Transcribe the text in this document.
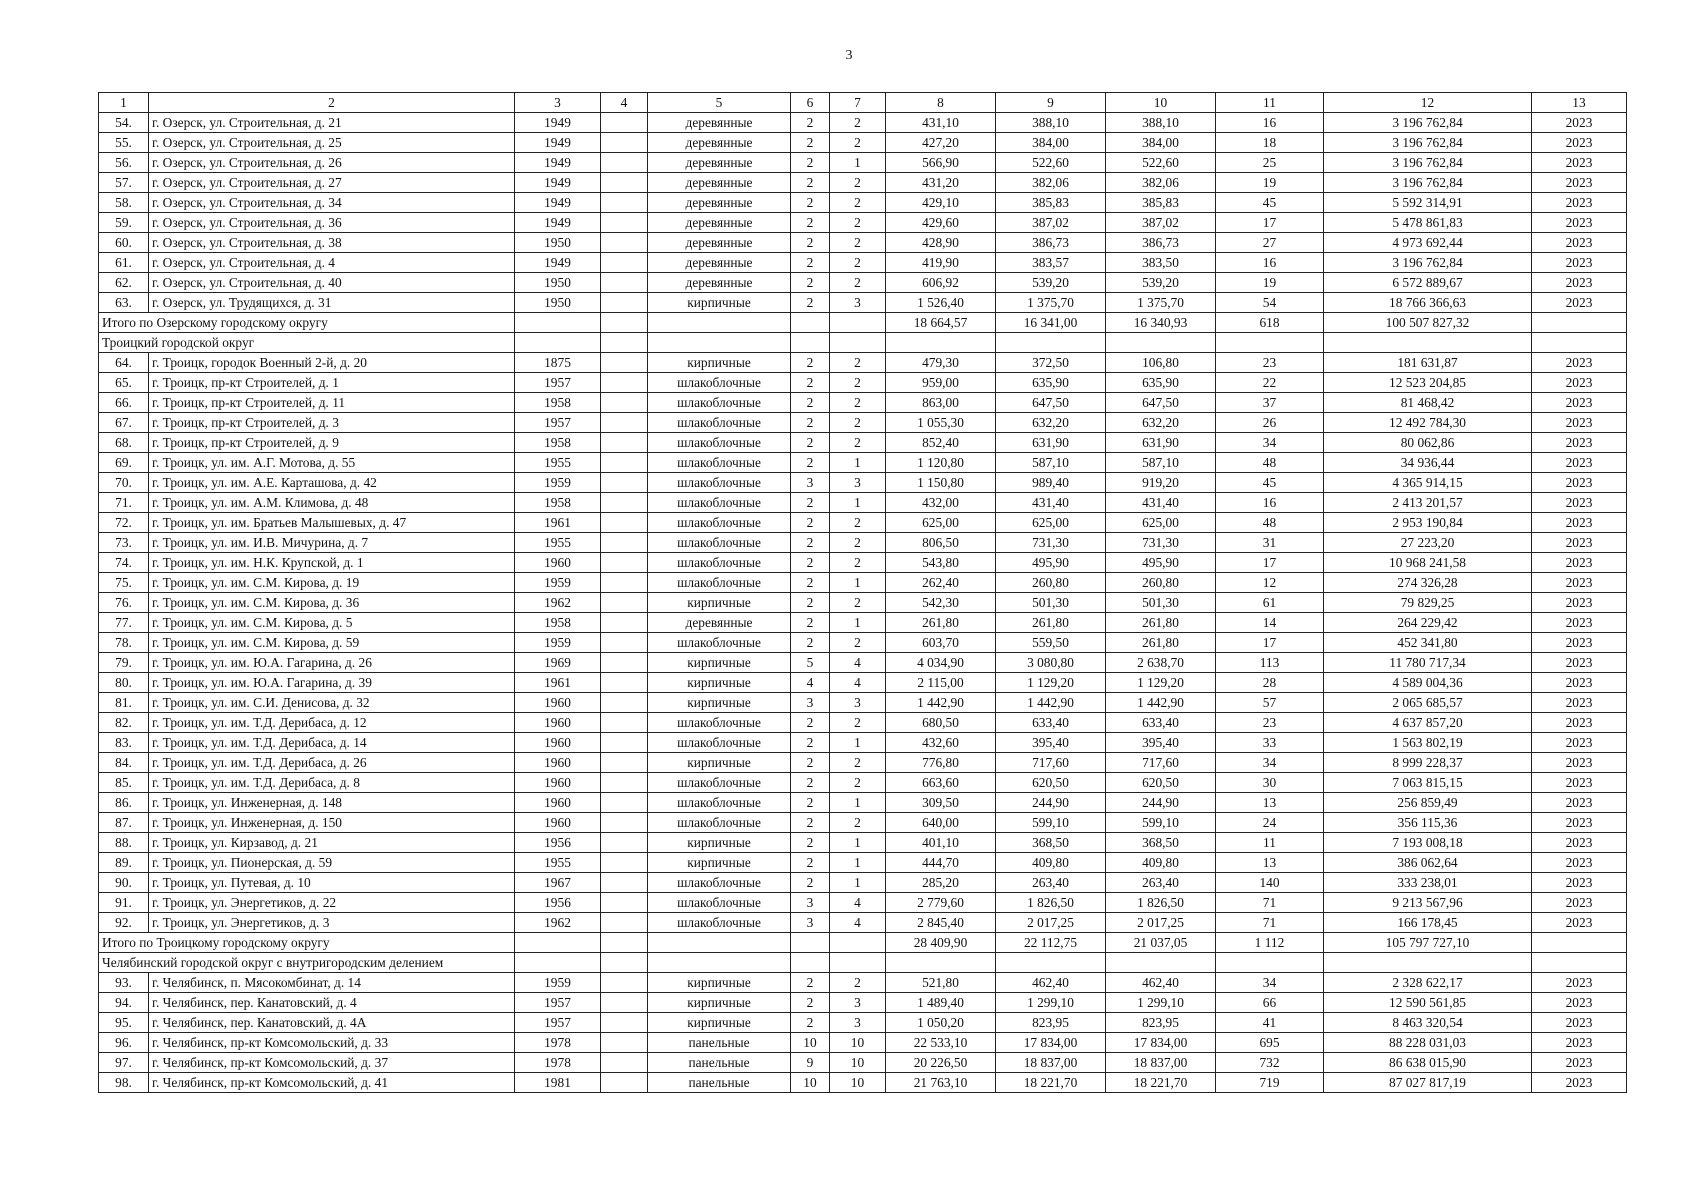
3
1	2	3	4	5	6	7	8	9	10	11	12	13
54.	г. Озерск, ул. Строительная, д. 21	1949		деревянные	2	2	431,10	388,10	388,10	16	3 196 762,84	2023
55.	г. Озерск, ул. Строительная, д. 25	1949		деревянные	2	2	427,20	384,00	384,00	18	3 196 762,84	2023
56.	г. Озерск, ул. Строительная, д. 26	1949		деревянные	2	1	566,90	522,60	522,60	25	3 196 762,84	2023
57.	г. Озерск, ул. Строительная, д. 27	1949		деревянные	2	2	431,20	382,06	382,06	19	3 196 762,84	2023
58.	г. Озерск, ул. Строительная, д. 34	1949		деревянные	2	2	429,10	385,83	385,83	45	5 592 314,91	2023
59.	г. Озерск, ул. Строительная, д. 36	1949		деревянные	2	2	429,60	387,02	387,02	17	5 478 861,83	2023
60.	г. Озерск, ул. Строительная, д. 38	1950		деревянные	2	2	428,90	386,73	386,73	27	4 973 692,44	2023
61.	г. Озерск, ул. Строительная, д. 4	1949		деревянные	2	2	419,90	383,57	383,50	16	3 196 762,84	2023
62.	г. Озерск, ул. Строительная, д. 40	1950		деревянные	2	2	606,92	539,20	539,20	19	6 572 889,67	2023
63.	г. Озерск, ул. Трудящихся, д. 31	1950		кирпичные	2	3	1 526,40	1 375,70	1 375,70	54	18 766 366,63	2023
Итого по Озерскому городскому округу							18 664,57	16 341,00	16 340,93	618	100 507 827,32	
Троицкий городской округ												
64.	г. Троицк, городок Военный 2-й, д. 20	1875		кирпичные	2	2	479,30	372,50	106,80	23	181 631,87	2023
65.	г. Троицк, пр-кт Строителей, д. 1	1957		шлакоблочные	2	2	959,00	635,90	635,90	22	12 523 204,85	2023
66.	г. Троицк, пр-кт Строителей, д. 11	1958		шлакоблочные	2	2	863,00	647,50	647,50	37	81 468,42	2023
67.	г. Троицк, пр-кт Строителей, д. 3	1957		шлакоблочные	2	2	1 055,30	632,20	632,20	26	12 492 784,30	2023
68.	г. Троицк, пр-кт Строителей, д. 9	1958		шлакоблочные	2	2	852,40	631,90	631,90	34	80 062,86	2023
69.	г. Троицк, ул. им. А.Г. Мотова, д. 55	1955		шлакоблочные	2	1	1 120,80	587,10	587,10	48	34 936,44	2023
70.	г. Троицк, ул. им. А.Е. Карташова, д. 42	1959		шлакоблочные	3	3	1 150,80	989,40	919,20	45	4 365 914,15	2023
71.	г. Троицк, ул. им. А.М. Климова, д. 48	1958		шлакоблочные	2	1	432,00	431,40	431,40	16	2 413 201,57	2023
72.	г. Троицк, ул. им. Братьев Малышевых, д. 47	1961		шлакоблочные	2	2	625,00	625,00	625,00	48	2 953 190,84	2023
73.	г. Троицк, ул. им. И.В. Мичурина, д. 7	1955		шлакоблочные	2	2	806,50	731,30	731,30	31	27 223,20	2023
74.	г. Троицк, ул. им. Н.К. Крупской, д. 1	1960		шлакоблочные	2	2	543,80	495,90	495,90	17	10 968 241,58	2023
75.	г. Троицк, ул. им. С.М. Кирова, д. 19	1959		шлакоблочные	2	1	262,40	260,80	260,80	12	274 326,28	2023
76.	г. Троицк, ул. им. С.М. Кирова, д. 36	1962		кирпичные	2	2	542,30	501,30	501,30	61	79 829,25	2023
77.	г. Троицк, ул. им. С.М. Кирова, д. 5	1958		деревянные	2	1	261,80	261,80	261,80	14	264 229,42	2023
78.	г. Троицк, ул. им. С.М. Кирова, д. 59	1959		шлакоблочные	2	2	603,70	559,50	261,80	17	452 341,80	2023
79.	г. Троицк, ул. им. Ю.А. Гагарина, д. 26	1969		кирпичные	5	4	4 034,90	3 080,80	2 638,70	113	11 780 717,34	2023
80.	г. Троицк, ул. им. Ю.А. Гагарина, д. 39	1961		кирпичные	4	4	2 115,00	1 129,20	1 129,20	28	4 589 004,36	2023
81.	г. Троицк, ул. им. С.И. Денисова, д. 32	1960		кирпичные	3	3	1 442,90	1 442,90	1 442,90	57	2 065 685,57	2023
82.	г. Троицк, ул. им. Т.Д. Дерибаса, д. 12	1960		шлакоблочные	2	2	680,50	633,40	633,40	23	4 637 857,20	2023
83.	г. Троицк, ул. им. Т.Д. Дерибаса, д. 14	1960		шлакоблочные	2	1	432,60	395,40	395,40	33	1 563 802,19	2023
84.	г. Троицк, ул. им. Т.Д. Дерибаса, д. 26	1960		кирпичные	2	2	776,80	717,60	717,60	34	8 999 228,37	2023
85.	г. Троицк, ул. им. Т.Д. Дерибаса, д. 8	1960		шлакоблочные	2	2	663,60	620,50	620,50	30	7 063 815,15	2023
86.	г. Троицк, ул. Инженерная, д. 148	1960		шлакоблочные	2	1	309,50	244,90	244,90	13	256 859,49	2023
87.	г. Троицк, ул. Инженерная, д. 150	1960		шлакоблочные	2	2	640,00	599,10	599,10	24	356 115,36	2023
88.	г. Троицк, ул. Кирзавод, д. 21	1956		кирпичные	2	1	401,10	368,50	368,50	11	7 193 008,18	2023
89.	г. Троицк, ул. Пионерская, д. 59	1955		кирпичные	2	1	444,70	409,80	409,80	13	386 062,64	2023
90.	г. Троицк, ул. Путевая, д. 10	1967		шлакоблочные	2	1	285,20	263,40	263,40	140	333 238,01	2023
91.	г. Троицк, ул. Энергетиков, д. 22	1956		шлакоблочные	3	4	2 779,60	1 826,50	1 826,50	71	9 213 567,96	2023
92.	г. Троицк, ул. Энергетиков, д. 3	1962		шлакоблочные	3	4	2 845,40	2 017,25	2 017,25	71	166 178,45	2023
Итого по Троицкому городскому округу							28 409,90	22 112,75	21 037,05	1 112	105 797 727,10	
Челябинский городской округ с внутригородским делением												
93.	г. Челябинск, п. Мясокомбинат, д. 14	1959		кирпичные	2	2	521,80	462,40	462,40	34	2 328 622,17	2023
94.	г. Челябинск, пер. Канатовский, д. 4	1957		кирпичные	2	3	1 489,40	1 299,10	1 299,10	66	12 590 561,85	2023
95.	г. Челябинск, пер. Канатовский, д. 4А	1957		кирпичные	2	3	1 050,20	823,95	823,95	41	8 463 320,54	2023
96.	г. Челябинск, пр-кт Комсомольский, д. 33	1978		панельные	10	10	22 533,10	17 834,00	17 834,00	695	88 228 031,03	2023
97.	г. Челябинск, пр-кт Комсомольский, д. 37	1978		панельные	9	10	20 226,50	18 837,00	18 837,00	732	86 638 015,90	2023
98.	г. Челябинск, пр-кт Комсомольский, д. 41	1981		панельные	10	10	21 763,10	18 221,70	18 221,70	719	87 027 817,19	2023
